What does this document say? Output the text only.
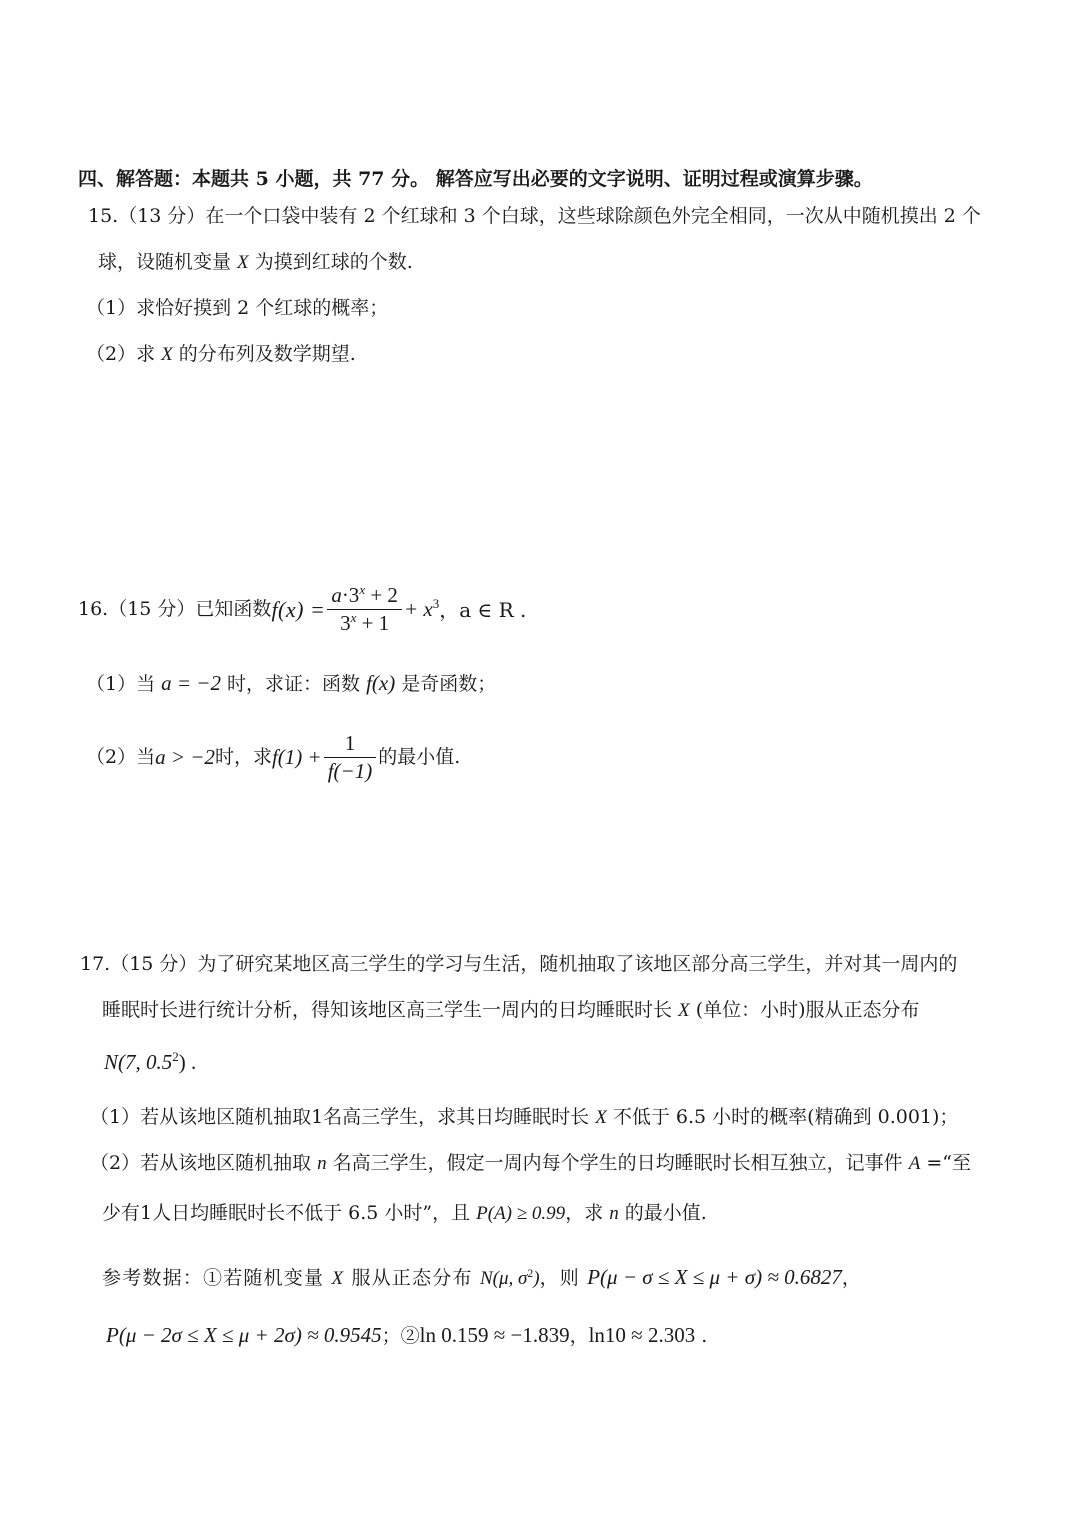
四、解答题：本题共 5 小题，共 77 分。 解答应写出必要的文字说明、证明过程或演算步骤。
15.（13 分）在一个口袋中装有 2 个红球和 3 个白球，这些球除颜色外完全相同，一次从中随机摸出 2 个
球，设随机变量 X 为摸到红球的个数.
（1）求恰好摸到 2 个红球的概率；
（2）求 X 的分布列及数学期望.
16.（15 分）已知函数 $f(x) = \frac{a\cdot 3^x + 2}{3^x + 1} + x^3$ ，a ∈ R .
（1）当 a = −2 时，求证：函数 f(x) 是奇函数；
（2）当 a > −2 时，求 $f(1) + \frac{1}{f(-1)}$ 的最小值.
17.（15 分）为了研究某地区高三学生的学习与生活，随机抽取了该地区部分高三学生，并对其一周内的
睡眠时长进行统计分析，得知该地区高三学生一周内的日均睡眠时长 X (单位：小时)服从正态分布
N(7, $0.5^2$) .
（1）若从该地区随机抽取1名高三学生，求其日均睡眠时长 X 不低于 6.5 小时的概率(精确到 0.001)；
（2）若从该地区随机抽取 n 名高三学生，假定一周内每个学生的日均睡眠时长相互独立，记事件 A =“至
少有1人日均睡眠时长不低于 6.5 小时”，且 P(A) ≥ 0.99，求 n 的最小值.
参考数据：①若随机变量 X 服从正态分布 N(μ, $\sigma^2$)，则 P(μ − σ ≤ X ≤ μ + σ) ≈ 0.6827，
P(μ − 2σ ≤ X ≤ μ + 2σ) ≈ 0.9545；②ln 0.159 ≈ −1.839，ln10 ≈ 2.303 .
